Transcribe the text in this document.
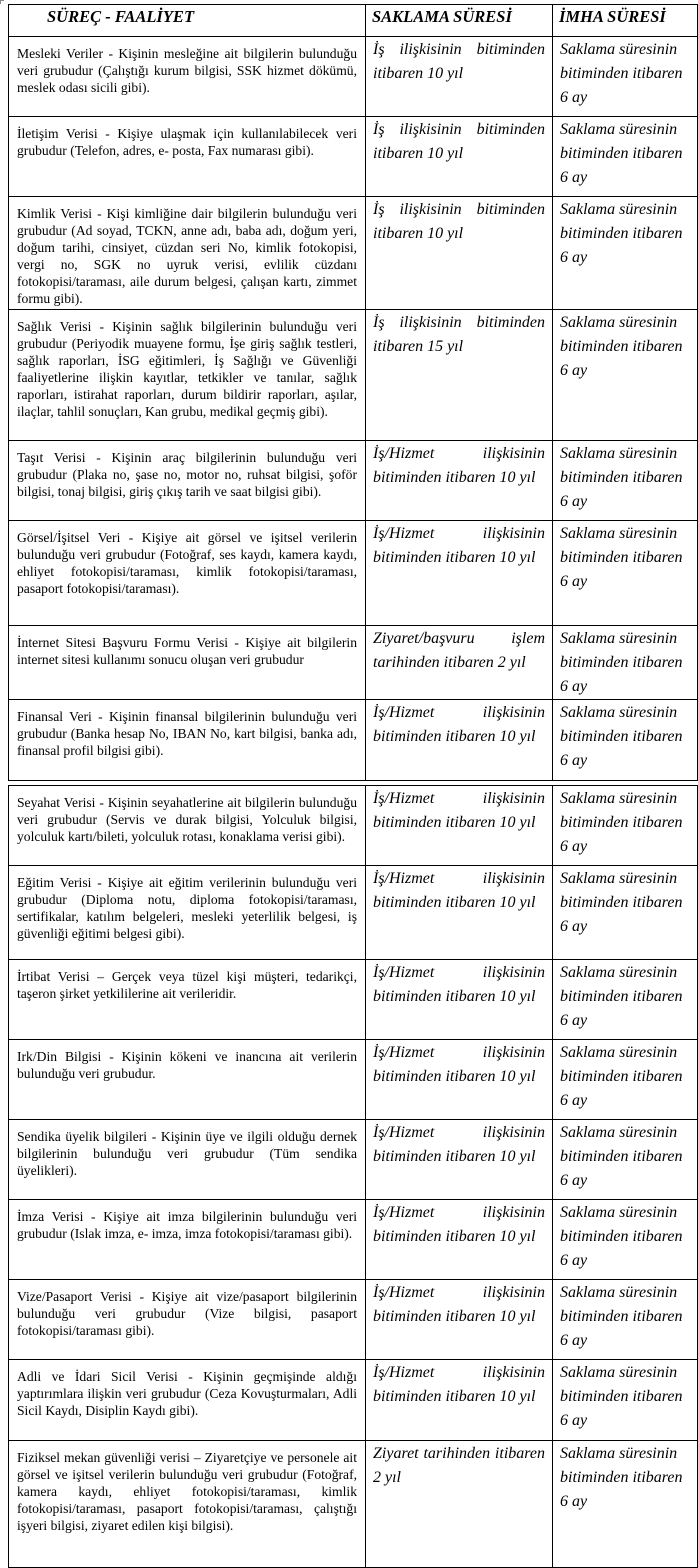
SÜREÇ - FAALİYET	SAKLAMA SÜRESİ	İMHA SÜRESİ
Mesleki Veriler - Kişinin mesleğine ait bilgilerin bulunduğu veri grubudur (Çalıştığı kurum bilgisi, SSK hizmet dökümü, meslek odası sicili gibi).	İş ilişkisinin bitiminden itibaren 10 yıl	Saklama süresinin bitiminden itibaren 6 ay
İletişim Verisi - Kişiye ulaşmak için kullanılabilecek veri grubudur (Telefon, adres, e- posta, Fax numarası gibi).	İş ilişkisinin bitiminden itibaren 10 yıl	Saklama süresinin bitiminden itibaren 6 ay
Kimlik Verisi - Kişi kimliğine dair bilgilerin bulunduğu veri grubudur (Ad soyad, TCKN, anne adı, baba adı, doğum yeri, doğum tarihi, cinsiyet, cüzdan seri No, kimlik fotokopisi, vergi no, SGK no uyruk verisi, evlilik cüzdanı fotokopisi/taraması, aile durum belgesi, çalışan kartı, zimmet formu gibi).	İş ilişkisinin bitiminden itibaren 10 yıl	Saklama süresinin bitiminden itibaren 6 ay
Sağlık Verisi - Kişinin sağlık bilgilerinin bulunduğu veri grubudur (Periyodik muayene formu, İşe giriş sağlık testleri, sağlık raporları, İSG eğitimleri, İş Sağlığı ve Güvenliği faaliyetlerine ilişkin kayıtlar, tetkikler ve tanılar, sağlık raporları, istirahat raporları, durum bildirir raporları, aşılar, ilaçlar, tahlil sonuçları, Kan grubu, medikal geçmiş gibi).	İş ilişkisinin bitiminden itibaren 15 yıl	Saklama süresinin bitiminden itibaren 6 ay
Taşıt Verisi - Kişinin araç bilgilerinin bulunduğu veri grubudur (Plaka no, şase no, motor no, ruhsat bilgisi, şoför bilgisi, tonaj bilgisi, giriş çıkış tarih ve saat bilgisi gibi).	İş/Hizmet ilişkisinin bitiminden itibaren 10 yıl	Saklama süresinin bitiminden itibaren 6 ay
Görsel/İşitsel Veri - Kişiye ait görsel ve işitsel verilerin bulunduğu veri grubudur (Fotoğraf, ses kaydı, kamera kaydı, ehliyet fotokopisi/taraması, kimlik fotokopisi/taraması, pasaport fotokopisi/taraması).	İş/Hizmet ilişkisinin bitiminden itibaren 10 yıl	Saklama süresinin bitiminden itibaren 6 ay
İnternet Sitesi Başvuru Formu Verisi - Kişiye ait bilgilerin internet sitesi kullanımı sonucu oluşan veri grubudur	Ziyaret/başvuru işlem tarihinden itibaren 2 yıl	Saklama süresinin bitiminden itibaren 6 ay
Finansal Veri - Kişinin finansal bilgilerinin bulunduğu veri grubudur (Banka hesap No, IBAN No, kart bilgisi, banka adı, finansal profil bilgisi gibi).	İş/Hizmet ilişkisinin bitiminden itibaren 10 yıl	Saklama süresinin bitiminden itibaren 6 ay
Seyahat Verisi - Kişinin seyahatlerine ait bilgilerin bulunduğu veri grubudur (Servis ve durak bilgisi, Yolculuk bilgisi, yolculuk kartı/bileti, yolculuk rotası, konaklama verisi gibi).	İş/Hizmet ilişkisinin bitiminden itibaren 10 yıl	Saklama süresinin bitiminden itibaren 6 ay
Eğitim Verisi - Kişiye ait eğitim verilerinin bulunduğu veri grubudur (Diploma notu, diploma fotokopisi/taraması, sertifikalar, katılım belgeleri, mesleki yeterlilik belgesi, iş güvenliği eğitimi belgesi gibi).	İş/Hizmet ilişkisinin bitiminden itibaren 10 yıl	Saklama süresinin bitiminden itibaren 6 ay
İrtibat Verisi – Gerçek veya tüzel kişi müşteri, tedarikçi, taşeron şirket yetkililerine ait verileridir.	İş/Hizmet ilişkisinin bitiminden itibaren 10 yıl	Saklama süresinin bitiminden itibaren 6 ay
Irk/Din Bilgisi - Kişinin kökeni ve inancına ait verilerin bulunduğu veri grubudur.	İş/Hizmet ilişkisinin bitiminden itibaren 10 yıl	Saklama süresinin bitiminden itibaren 6 ay
Sendika üyelik bilgileri - Kişinin üye ve ilgili olduğu dernek bilgilerinin bulunduğu veri grubudur (Tüm sendika üyelikleri).	İş/Hizmet ilişkisinin bitiminden itibaren 10 yıl	Saklama süresinin bitiminden itibaren 6 ay
İmza Verisi - Kişiye ait imza bilgilerinin bulunduğu veri grubudur (Islak imza, e- imza, imza fotokopisi/taraması gibi).	İş/Hizmet ilişkisinin bitiminden itibaren 10 yıl	Saklama süresinin bitiminden itibaren 6 ay
Vize/Pasaport Verisi - Kişiye ait vize/pasaport bilgilerinin bulunduğu veri grubudur (Vize bilgisi, pasaport fotokopisi/taraması gibi).	İş/Hizmet ilişkisinin bitiminden itibaren 10 yıl	Saklama süresinin bitiminden itibaren 6 ay
Adli ve İdari Sicil Verisi - Kişinin geçmişinde aldığı yaptırımlara ilişkin veri grubudur (Ceza Kovuşturmaları, Adli Sicil Kaydı, Disiplin Kaydı gibi).	İş/Hizmet ilişkisinin bitiminden itibaren 10 yıl	Saklama süresinin bitiminden itibaren 6 ay
Fiziksel mekan güvenliği verisi – Ziyaretçiye ve personele ait görsel ve işitsel verilerin bulunduğu veri grubudur (Fotoğraf, kamera kaydı, ehliyet fotokopisi/taraması, kimlik fotokopisi/taraması, pasaport fotokopisi/taraması, çalıştığı işyeri bilgisi, ziyaret edilen kişi bilgisi).	Ziyaret tarihinden itibaren 2 yıl	Saklama süresinin bitiminden itibaren 6 ay
